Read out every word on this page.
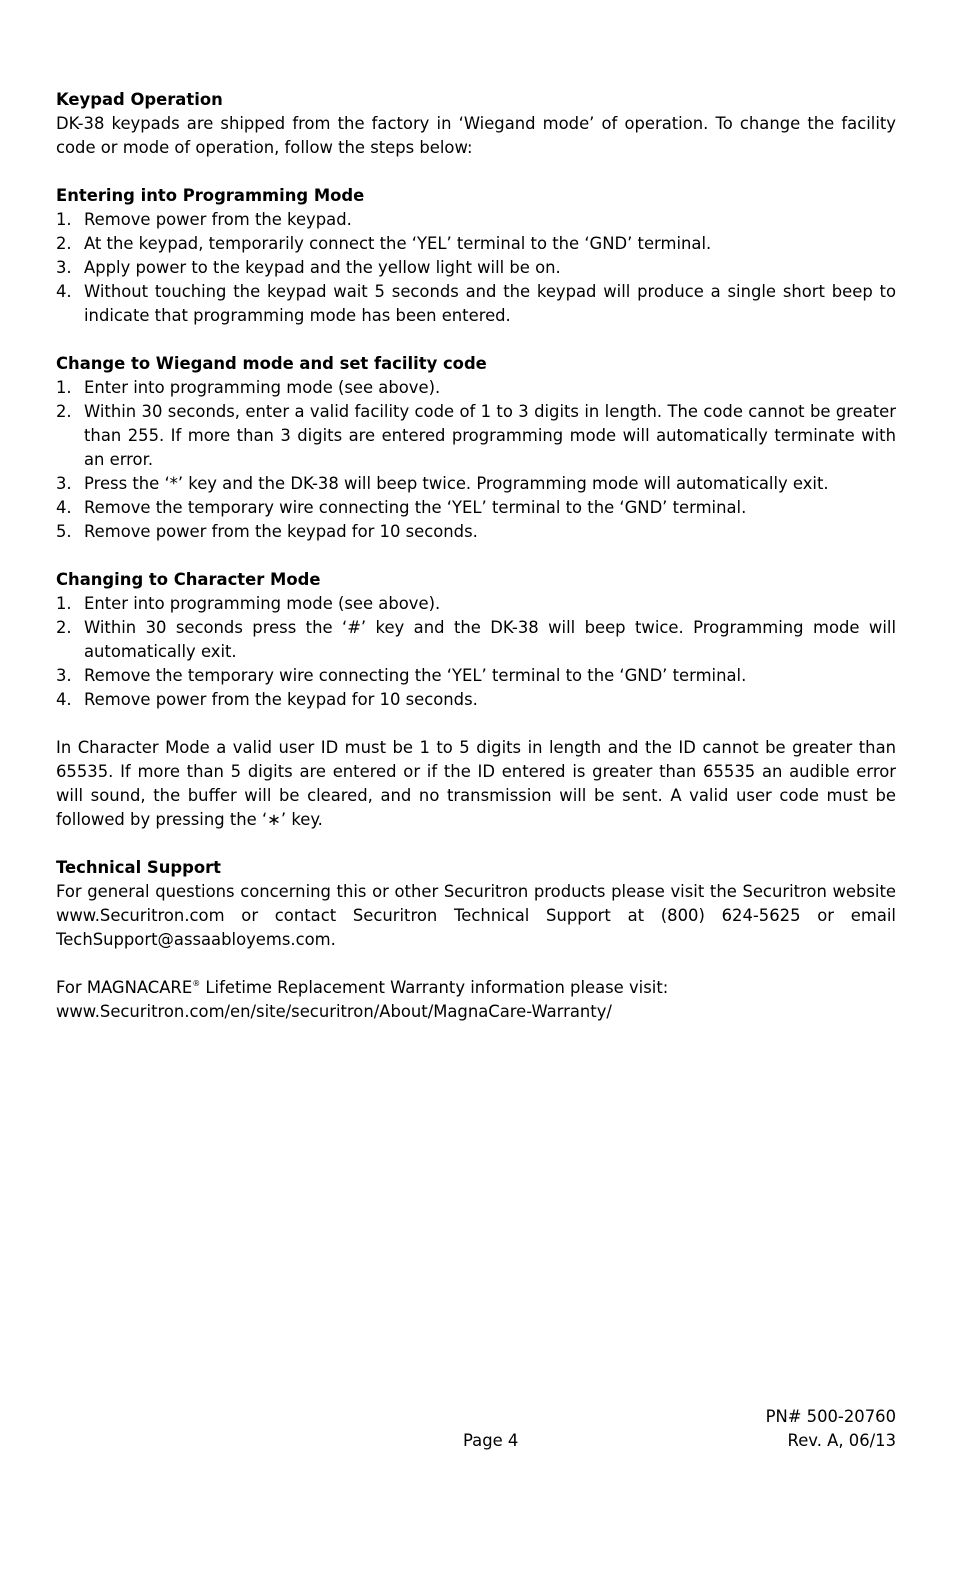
Keypad Operation

DK-38 keypads are shipped from the factory in ‘Wiegand mode’ of operation. To change the facility code or mode of operation, follow the steps below:

Entering into Programming Mode
1. Remove power from the keypad.
2. At the keypad, temporarily connect the ‘YEL’ terminal to the ‘GND’ terminal.
3. Apply power to the keypad and the yellow light will be on.
4. Without touching the keypad wait 5 seconds and the keypad will produce a single short beep to indicate that programming mode has been entered.
Change to Wiegand mode and set facility code
1. Enter into programming mode (see above).
2. Within 30 seconds, enter a valid facility code of 1 to 3 digits in length. The code cannot be greater than 255. If more than 3 digits are entered programming mode will automatically terminate with an error.
3. Press the ‘*’ key and the DK-38 will beep twice. Programming mode will automatically exit.
4. Remove the temporary wire connecting the ‘YEL’ terminal to the ‘GND’ terminal.
5. Remove power from the keypad for 10 seconds.
Changing to Character Mode
1. Enter into programming mode (see above).
2. Within 30 seconds press the ‘#’ key and the DK-38 will beep twice. Programming mode will automatically exit.
3. Remove the temporary wire connecting the ‘YEL’ terminal to the ‘GND’ terminal.
4. Remove power from the keypad for 10 seconds.

In Character Mode a valid user ID must be 1 to 5 digits in length and the ID cannot be greater than 65535. If more than 5 digits are entered or if the ID entered is greater than 65535 an audible error will sound, the buffer will be cleared, and no transmission will be sent. A valid user code must be followed by pressing the ‘∗’ key.

Technical Support

For general questions concerning this or other Securitron products please visit the Securitron website www.Securitron.com or contact Securitron Technical Support at (800) 624-5625 or email TechSupport@assaabloyems.com.

For MAGNACARE® Lifetime Replacement Warranty information please visit:
www.Securitron.com/en/site/securitron/About/MagnaCare-Warranty/
PN# 500-20760
Page 4	Rev. A, 06/13
